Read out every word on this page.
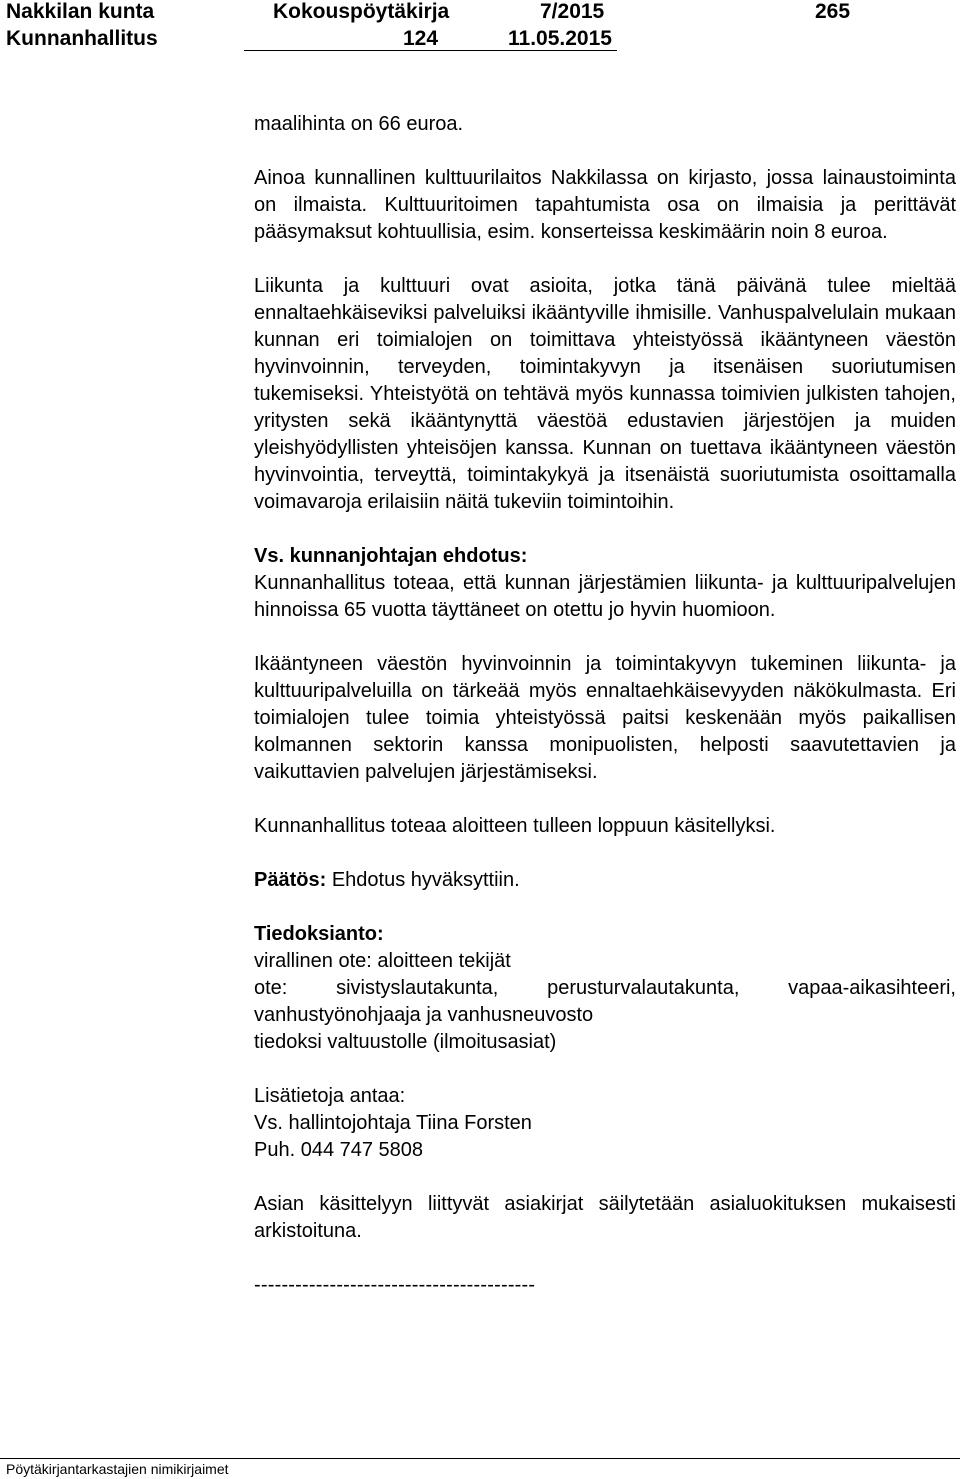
Nakkilan kunta	Kokouspöytäkirja	7/2015	265
Kunnanhallitus	124	11.05.2015

maalihinta on 66 euroa.

Ainoa kunnallinen kulttuurilaitos Nakkilassa on kirjasto, jossa lainaustoiminta on ilmaista. Kulttuuritoimen tapahtumista osa on ilmaisia ja perittävät pääsymaksut kohtuullisia, esim. konserteissa keskimäärin noin 8 euroa.

Liikunta ja kulttuuri ovat asioita, jotka tänä päivänä tulee mieltää ennaltaehkäiseviksi palveluiksi ikääntyville ihmisille. Vanhuspalvelulain mukaan kunnan eri toimialojen on toimittava yhteistyössä ikääntyneen väestön hyvinvoinnin, terveyden, toimintakyvyn ja itsenäisen suoriutumisen tukemiseksi. Yhteistyötä on tehtävä myös kunnassa toimivien julkisten tahojen, yritysten sekä ikääntynyttä väestöä edustavien järjestöjen ja muiden yleishyödyllisten yhteisöjen kanssa. Kunnan on tuettava ikääntyneen väestön hyvinvointia, terveyttä, toimintakykyä ja itsenäistä suoriutumista osoittamalla voimavaroja erilaisiin näitä tukeviin toimintoihin.

Vs. kunnanjohtajan ehdotus:

Kunnanhallitus toteaa, että kunnan järjestämien liikunta- ja kulttuuripalvelujen hinnoissa 65 vuotta täyttäneet on otettu jo hyvin huomioon.

Ikääntyneen väestön hyvinvoinnin ja toimintakyvyn tukeminen liikunta- ja kulttuuripalveluilla on tärkeää myös ennaltaehkäisevyyden näkökulmasta. Eri toimialojen tulee toimia yhteistyössä paitsi keskenään myös paikallisen kolmannen sektorin kanssa monipuolisten, helposti saavutettavien ja vaikuttavien palvelujen järjestämiseksi.

Kunnanhallitus toteaa aloitteen tulleen loppuun käsitellyksi.

Päätös: Ehdotus hyväksyttiin.

Tiedoksianto:

virallinen ote: aloitteen tekijät

ote: sivistyslautakunta, perusturvalautakunta, vapaa-aikasihteeri, vanhustyönohjaaja ja vanhusneuvosto

tiedoksi valtuustolle (ilmoitusasiat)

Lisätietoja antaa:

Vs. hallintojohtaja Tiina Forsten

Puh. 044 747 5808

Asian käsittelyyn liittyvät asiakirjat säilytetään asialuokituksen mukaisesti arkistoituna.

-----------------------------------------

Pöytäkirjantarkastajien nimikirjaimet
